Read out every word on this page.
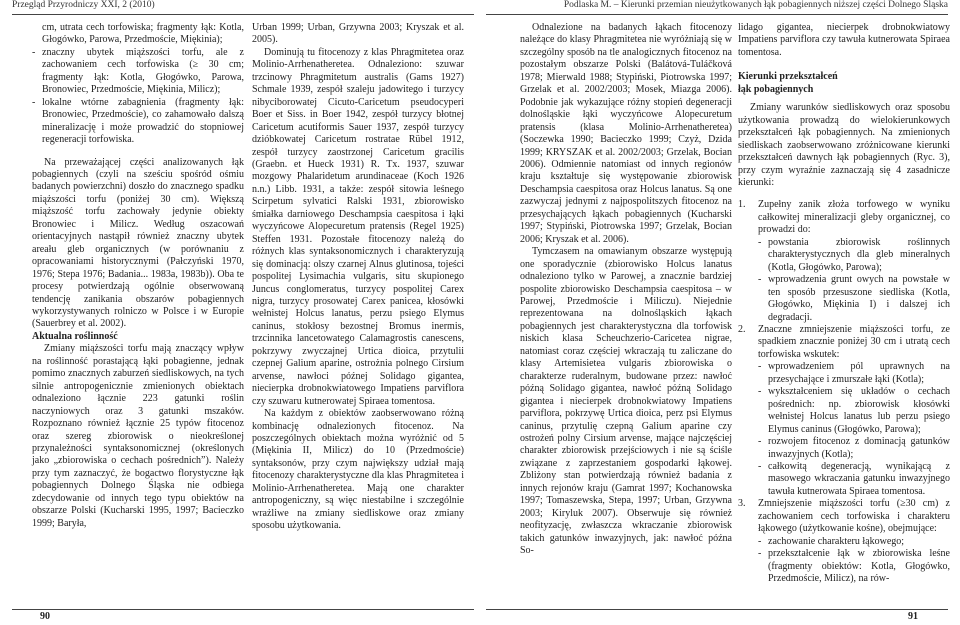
Przegląd Przyrodniczy XXI, 2 (2010)	Podlaska M. – Kierunki przemian nieużytkowanych łąk pobagiennych niższej części Dolnego Śląska

cm, utrata cech torfowiska; fragmenty łąk: Kotla, Głogówko, Parowa, Przedmoście, Miękinia);

- znaczny ubytek miąższości torfu, ale z zachowaniem cech torfowiska (≥ 30 cm; fragmenty łąk: Kotla, Głogówko, Parowa, Bronowiec, Przedmoście, Miękinia, Milicz);
- lokalne wtórne zabagnienia (fragmenty łąk: Bronowiec, Przedmoście), co zahamowało dalszą mineralizację i może prowadzić do stopniowej regeneracji torfowiska.

Na przeważającej części analizowanych łąk pobagiennych (czyli na sześciu spośród ośmiu badanych powierzchni) doszło do znacznego spadku miąższości torfu (poniżej 30 cm). Większą miąższość torfu zachowały jedynie obiekty Bronowiec i Milicz. Według oszacowań orientacyjnych nastąpił również znaczny ubytek areału gleb organicznych (w porównaniu z opracowaniami historycznymi (Pałczyński 1970, 1976; Stepa 1976; Badania... 1983a, 1983b)). Oba te procesy potwierdzają ogólnie obserwowaną tendencję zanikania obszarów pobagiennych wykorzystywanych rolniczo w Polsce i w Europie (Sauerbrey et al. 2002).

Aktualna roślinność

Zmiany miąższości torfu mają znaczący wpływ na roślinność porastającą łąki pobagienne, jednak pomimo znacznych zaburzeń siedliskowych, na tych silnie antropogenicznie zmienionych obiektach odnaleziono łącznie 223 gatunki roślin naczyniowych oraz 3 gatunki mszaków. Rozpoznano również łącznie 25 typów fitocenoz oraz szereg zbiorowisk o nieokreślonej przynależności syntaksonomicznej (określonych jako „zbiorowiska o cechach pośrednich”). Należy przy tym zaznaczyć, że bogactwo florystyczne łąk pobagiennych Dolnego Śląska nie odbiega zdecydowanie od innych tego typu obiektów na obszarze Polski (Kucharski 1995, 1997; Bacieczko 1999; Baryła,

Urban 1999; Urban, Grzywna 2003; Kryszak et al. 2005).

Dominują tu fitocenozy z klas Phragmitetea oraz Molinio-Arrhenatheretea. Odnaleziono: szuwar trzcinowy Phragmitetum australis (Gams 1927) Schmale 1939, zespół szaleju jadowitego i turzycy nibyciborowatej Cicuto-Caricetum pseudocyperi Boer et Siss. in Boer 1942, zespół turzycy błotnej Caricetum acutiformis Sauer 1937, zespół turzycy dzióbkowatej Caricetum rostratae Rübel 1912, zespół turzycy zaostrzonej Caricetum gracilis (Graebn. et Hueck 1931) R. Tx. 1937, szuwar mozgowy Phalaridetum arundinaceae (Koch 1926 n.n.) Libb. 1931, a także: zespół sitowia leśnego Scirpetum sylvatici Ralski 1931, zbiorowisko śmiałka darniowego Deschampsia caespitosa i łąki wyczyńcowe Alopecuretum pratensis (Regel 1925) Steffen 1931. Pozostałe fitocenozy należą do różnych klas syntaksonomicznych i charakteryzują się dominacją: olszy czarnej Alnus glutinosa, tojeści pospolitej Lysimachia vulgaris, situ skupionego Juncus conglomeratus, turzycy pospolitej Carex nigra, turzycy prosowatej Carex panicea, kłosówki wełnistej Holcus lanatus, perzu psiego Elymus caninus, stokłosy bezostnej Bromus inermis, trzcinnika lancetowatego Calamagrostis canescens, pokrzywy zwyczajnej Urtica dioica, przytulii czepnej Galium aparine, ostrożnia polnego Cirsium arvense, nawłoci późnej Solidago gigantea, niecierpka drobnokwiatowego Impatiens parviflora czy szuwaru kutnerowatej Spiraea tomentosa.

Na każdym z obiektów zaobserwowano różną kombinację odnalezionych fitocenoz. Na poszczególnych obiektach można wyróżnić od 5 (Miękinia II, Milicz) do 10 (Przedmoście) syntaksonów, przy czym największy udział mają fitocenozy charakterystyczne dla klas Phragmitetea i Molinio-Arrhenatheretea. Mają one charakter antropogeniczny, są więc niestabilne i szczególnie wrażliwe na zmiany siedliskowe oraz zmiany sposobu użytkowania.

Odnalezione na badanych łąkach fitocenozy należące do klasy Phragmitetea nie wyróżniają się w szczególny sposób na tle analogicznych fitocenoz na pozostałym obszarze Polski (Balátová-Tuláčková 1978; Mierwald 1988; Stypiński, Piotrowska 1997; Grzelak et al. 2002/2003; Mosek, Miazga 2006). Podobnie jak wykazujące różny stopień degeneracji dolnośląskie łąki wyczyńcowe Alopecuretum pratensis (klasa Molinio-Arrhenatheretea) (Soczewka 1990; Bacieczko 1999; Czyż, Dzida 1999; KRYSZAK et al. 2002/2003; Grzelak, Bocian 2006). Odmiennie natomiast od innych regionów kraju kształtuje się występowanie zbiorowisk Deschampsia caespitosa oraz Holcus lanatus. Są one zazwyczaj jednymi z najpospolitszych fitocenoz na przesychających łąkach pobagiennych (Kucharski 1997; Stypiński, Piotrowska 1997; Grzelak, Bocian 2006; Kryszak et al. 2006).

Tymczasem na omawianym obszarze występują one sporadycznie (zbiorowisko Holcus lanatus odnaleziono tylko w Parowej, a znacznie bardziej pospolite zbiorowisko Deschampsia caespitosa – w Parowej, Przedmoście i Miliczu). Niejednie reprezentowana na dolnośląskich łąkach pobagiennych jest charakterystyczna dla torfowisk niskich klasa Scheuchzerio-Caricetea nigrae, natomiast coraz częściej wkraczają tu zaliczane do klasy Artemisietea vulgaris zbiorowiska o charakterze ruderalnym, budowane przez: nawłoć późną Solidago gigantea, nawłoć późną Solidago gigantea i niecierpek drobnokwiatowy Impatiens parviflora, pokrzywę Urtica dioica, perz psi Elymus caninus, przytulię czepną Galium aparine czy ostrożeń polny Cirsium arvense, mające najczęściej charakter zbiorowisk przejściowych i nie są ściśle związane z zaprzestaniem gospodarki łąkowej. Zbliżony stan potwierdzają również badania z innych rejonów kraju (Gamrat 1997; Kochanowska 1997; Tomaszewska, Stepa, 1997; Urban, Grzywna 2003; Kiryluk 2007). Obserwuje się również neofityzację, zwłaszcza wkraczanie zbiorowisk takich gatunków inwazyjnych, jak: nawłoć późna So-

lidago gigantea, niecierpek drobnokwiatowy Impatiens parviflora czy tawuła kutnerowata Spiraea tomentosa.

Kierunki przekształceń

łąk pobagiennych

Zmiany warunków siedliskowych oraz sposobu użytkowania prowadzą do wielokierunkowych przekształceń łąk pobagiennych. Na zmienionych siedliskach zaobserwowano zróżnicowane kierunki przekształceń dawnych łąk pobagiennych (Ryc. 3), przy czym wyraźnie zaznaczają się 4 zasadnicze kierunki:

1. Zupełny zanik złoża torfowego w wyniku całkowitej mineralizacji gleby organicznej, co prowadzi do:
- powstania zbiorowisk roślinnych charakterystycznych dla gleb mineralnych (Kotla, Głogówko, Parowa);
- wprowadzenia grunt owych na powstałe w ten sposób przesuszone siedliska (Kotla, Głogówko, Miękinia I) i dalszej ich degradacji.
2. Znaczne zmniejszenie miąższości torfu, ze spadkiem znacznie poniżej 30 cm i utratą cech torfowiska wskutek:
- wprowadzeniem pól uprawnych na przesychające i zmurszałe łąki (Kotla);
- wykształceniem się układów o cechach pośrednich: np. zbiorowisk kłosówki wełnistej Holcus lanatus lub perzu psiego Elymus caninus (Głogówko, Parowa);
- rozwojem fitocenoz z dominacją gatunków inwazyjnych (Kotla);
- całkowitą degeneracją, wynikającą z masowego wkraczania gatunku inwazyjnego tawuła kutnerowata Spiraea tomentosa.
3. Zmniejszenie miąższości torfu (≥30 cm) z zachowaniem cech torfowiska i charakteru łąkowego (użytkowanie kośne), obejmujące:
- zachowanie charakteru łąkowego;
- przekształcenie łąk w zbiorowiska leśne (fragmenty obiektów: Kotla, Głogówko, Przedmoście, Milicz), na rów-
90	91
